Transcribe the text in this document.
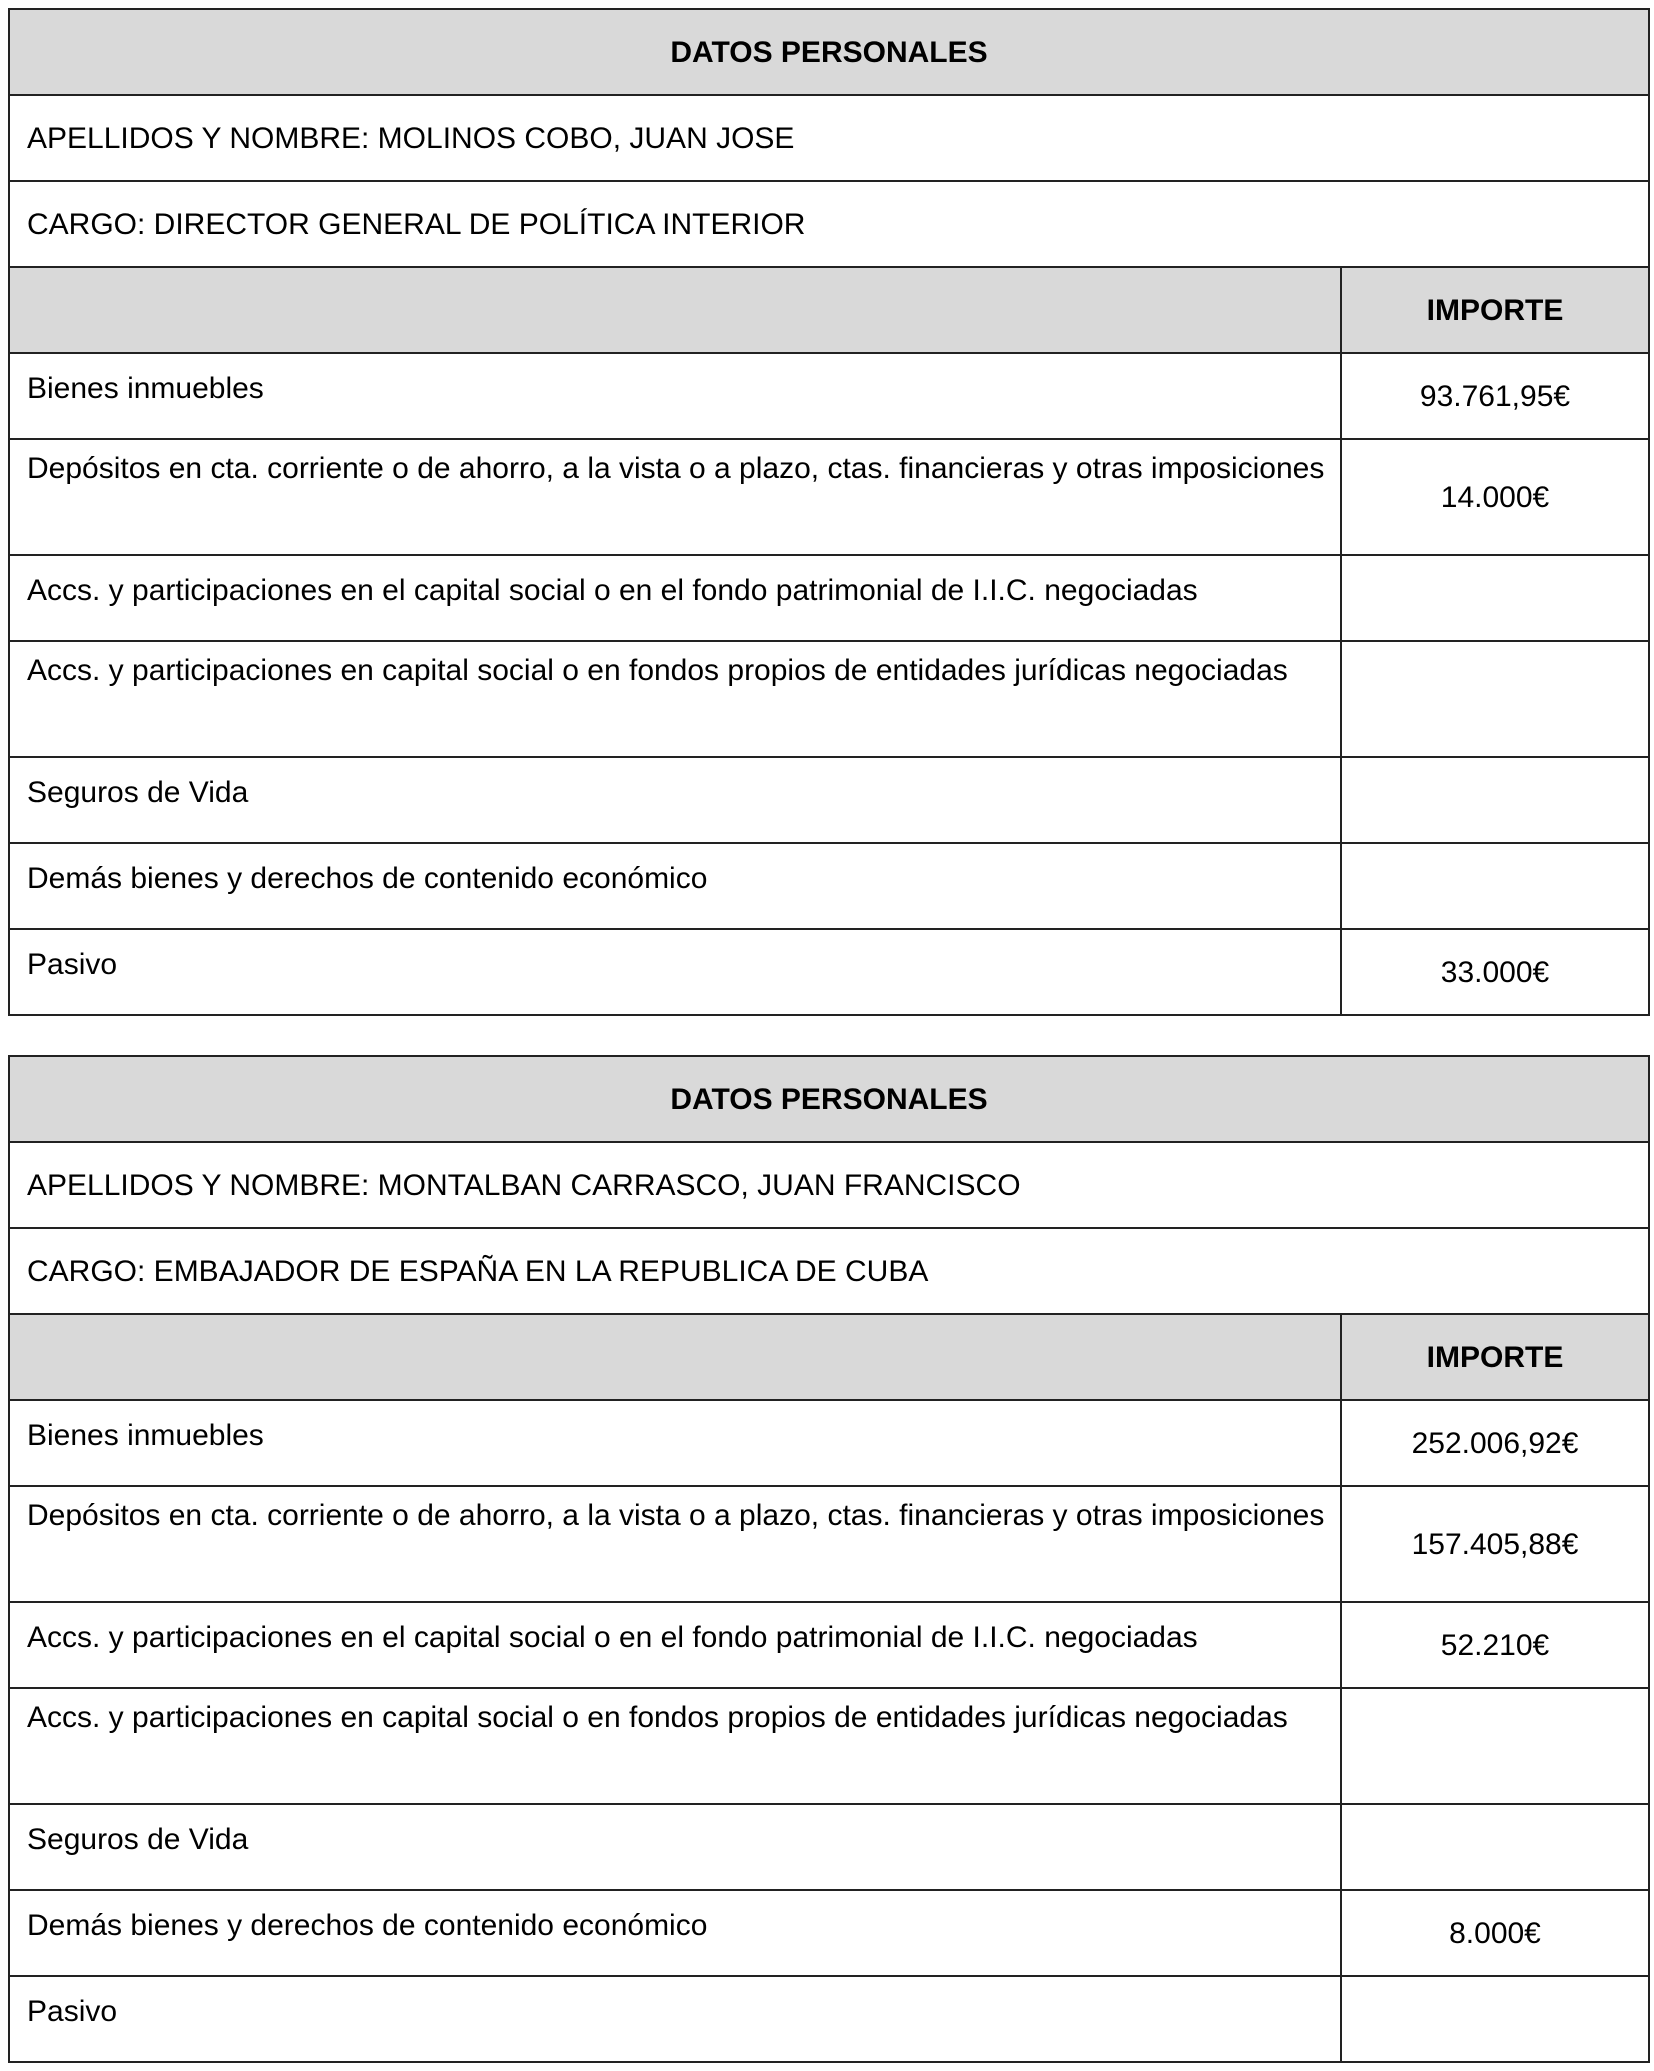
DATOS PERSONALES	
APELLIDOS Y NOMBRE: MOLINOS COBO, JUAN JOSE	
CARGO: DIRECTOR GENERAL DE POLÍTICA INTERIOR	
	IMPORTE
Bienes inmuebles	93.761,95€
Depósitos en cta. corriente o de ahorro, a la vista o a plazo, ctas. financieras y otras imposiciones	14.000€
Accs. y participaciones en el capital social o en el fondo patrimonial de I.I.C. negociadas	
Accs. y participaciones en capital social o en fondos propios de entidades jurídicas negociadas	
Seguros de Vida	
Demás bienes y derechos de contenido económico	
Pasivo	33.000€
DATOS PERSONALES	
APELLIDOS Y NOMBRE: MONTALBAN CARRASCO, JUAN FRANCISCO	
CARGO: EMBAJADOR DE ESPAÑA EN LA REPUBLICA DE CUBA	
	IMPORTE
Bienes inmuebles	252.006,92€
Depósitos en cta. corriente o de ahorro, a la vista o a plazo, ctas. financieras y otras imposiciones	157.405,88€
Accs. y participaciones en el capital social o en el fondo patrimonial de I.I.C. negociadas	52.210€
Accs. y participaciones en capital social o en fondos propios de entidades jurídicas negociadas	
Seguros de Vida	
Demás bienes y derechos de contenido económico	8.000€
Pasivo	
